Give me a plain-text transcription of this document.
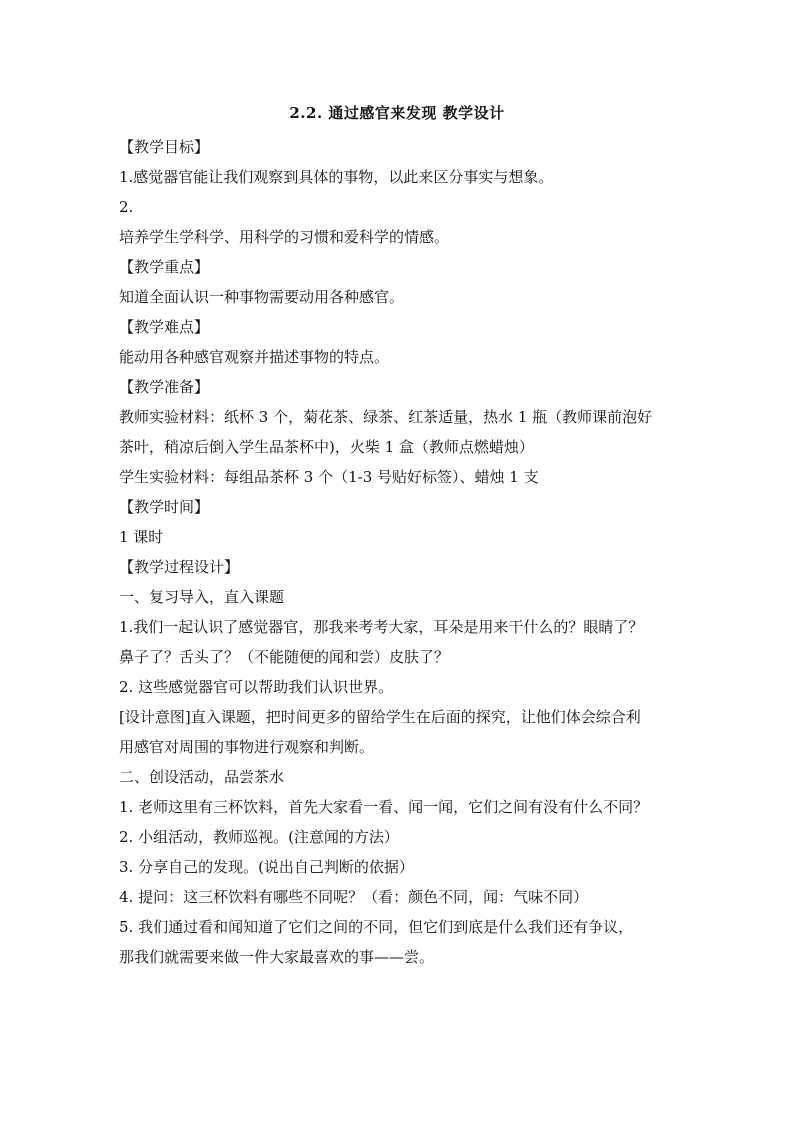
2.2. 通过感官来发现 教学设计
【教学目标】
1.感觉器官能让我们观察到具体的事物，以此来区分事实与想象。
2.
培养学生学科学、用科学的习惯和爱科学的情感。
【教学重点】
知道全面认识一种事物需要动用各种感官。
【教学难点】
能动用各种感官观察并描述事物的特点。
【教学准备】
教师实验材料：纸杯 3 个，菊花茶、绿茶、红茶适量，热水 1 瓶（教师课前泡好
茶叶，稍凉后倒入学生品茶杯中)，火柴 1 盒（教师点燃蜡烛）
学生实验材料：每组品茶杯 3 个（1-3 号贴好标签）、蜡烛 1 支
【教学时间】
1 课时
【教学过程设计】
一、复习导入，直入课题
1.我们一起认识了感觉器官，那我来考考大家，耳朵是用来干什么的？眼睛了？
鼻子了？舌头了？（不能随便的闻和尝）皮肤了？
2. 这些感觉器官可以帮助我们认识世界。
[设计意图]直入课题，把时间更多的留给学生在后面的探究，让他们体会综合利
用感官对周围的事物进行观察和判断。
二、创设活动，品尝茶水
1. 老师这里有三杯饮料，首先大家看一看、闻一闻，它们之间有没有什么不同？
2. 小组活动，教师巡视。(注意闻的方法）
3. 分享自己的发现。(说出自己判断的依据）
4. 提问：这三杯饮料有哪些不同呢？（看：颜色不同，闻：气味不同）
5. 我们通过看和闻知道了它们之间的不同，但它们到底是什么我们还有争议，
那我们就需要来做一件大家最喜欢的事——尝。
